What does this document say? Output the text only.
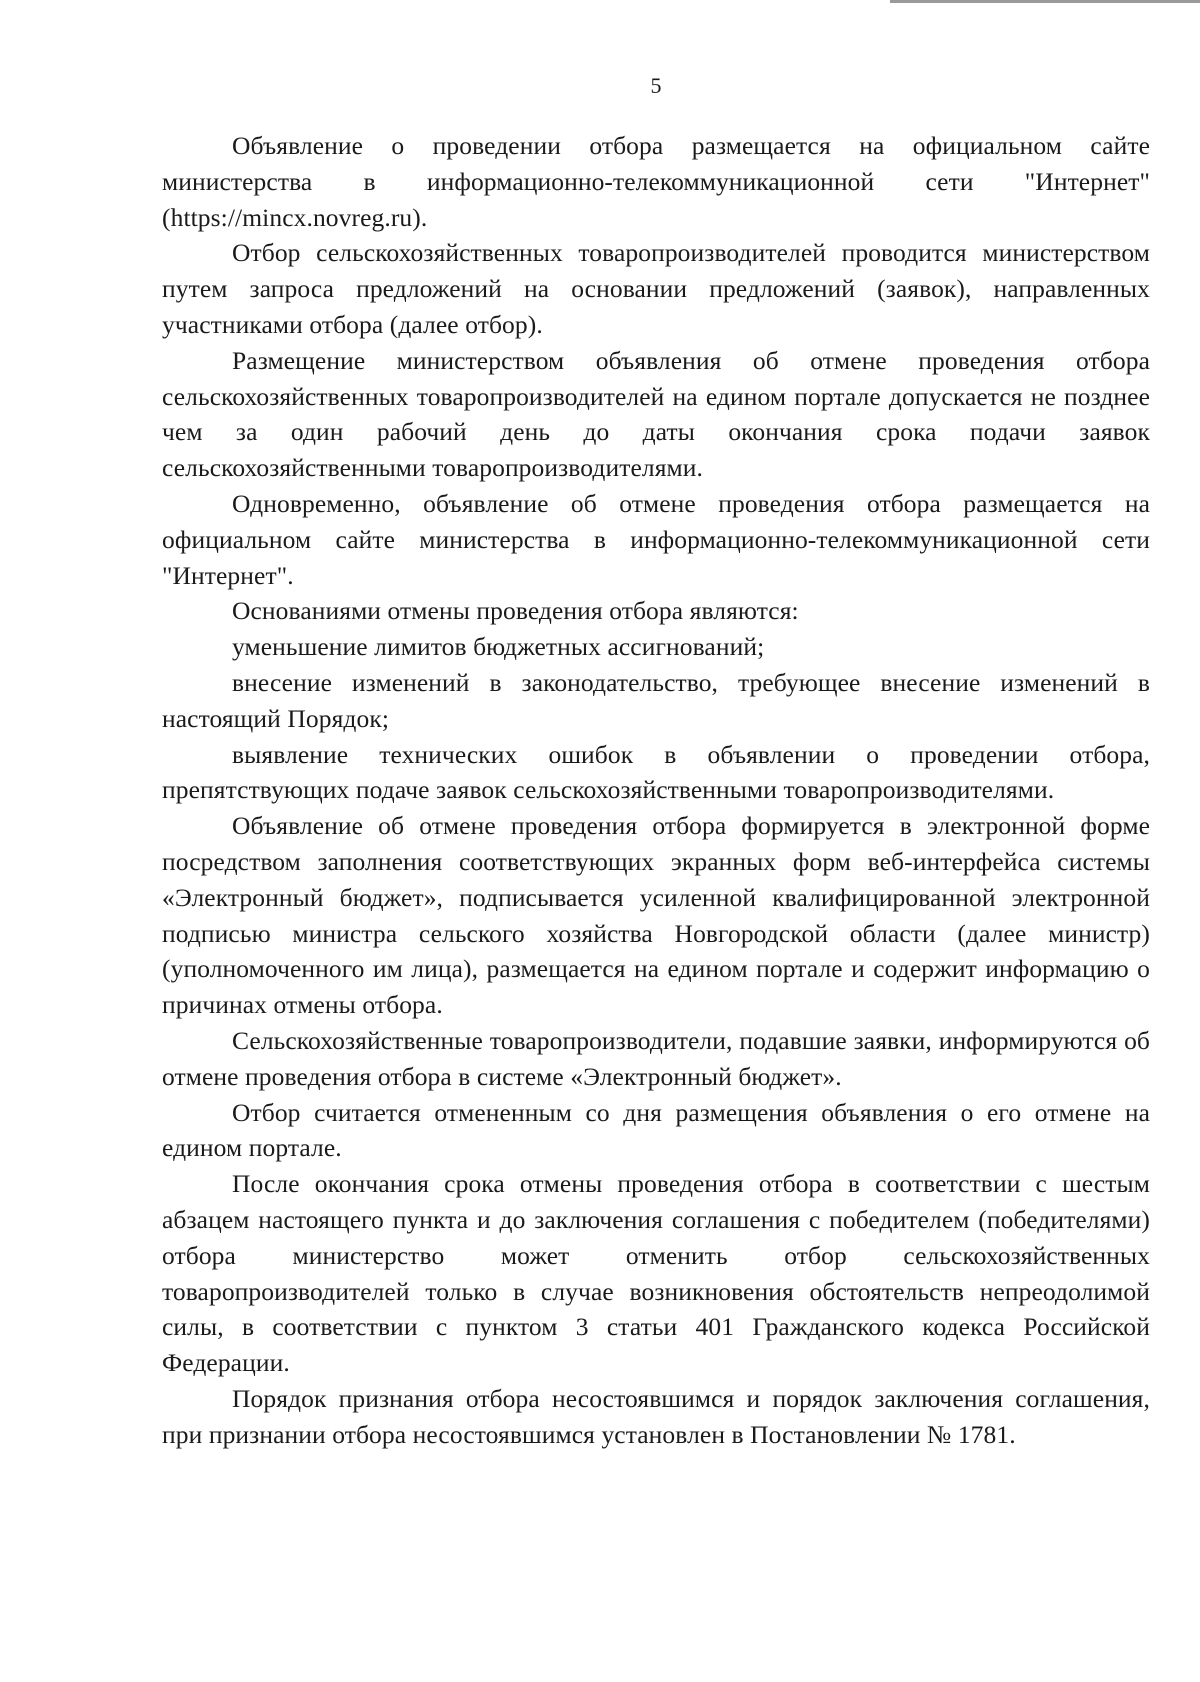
5

Объявление о проведении отбора размещается на официальном сайте министерства в информационно-телекоммуникационной сети "Интернет" (https://mincx.novreg.ru).

Отбор сельскохозяйственных товаропроизводителей проводится министерством путем запроса предложений на основании предложений (заявок), направленных участниками отбора (далее отбор).

Размещение министерством объявления об отмене проведения отбора сельскохозяйственных товаропроизводителей на едином портале допускается не позднее чем за один рабочий день до даты окончания срока подачи заявок сельскохозяйственными товаропроизводителями.

Одновременно, объявление об отмене проведения отбора размещается на официальном сайте министерства в информационно-телекоммуникационной сети "Интернет".

Основаниями отмены проведения отбора являются:

уменьшение лимитов бюджетных ассигнований;

внесение изменений в законодательство, требующее внесение изменений в настоящий Порядок;

выявление технических ошибок в объявлении о проведении отбора, препятствующих подаче заявок сельскохозяйственными товаропроизводителями.

Объявление об отмене проведения отбора формируется в электронной форме посредством заполнения соответствующих экранных форм веб-интерфейса системы «Электронный бюджет», подписывается усиленной квалифицированной электронной подписью министра сельского хозяйства Новгородской области (далее министр) (уполномоченного им лица), размещается на едином портале и содержит информацию о причинах отмены отбора.

Сельскохозяйственные товаропроизводители, подавшие заявки, информируются об отмене проведения отбора в системе «Электронный бюджет».

Отбор считается отмененным со дня размещения объявления о его отмене на едином портале.

После окончания срока отмены проведения отбора в соответствии с шестым абзацем настоящего пункта и до заключения соглашения с победителем (победителями) отбора министерство может отменить отбор сельскохозяйственных товаропроизводителей только в случае возникновения обстоятельств непреодолимой силы, в соответствии с пунктом 3 статьи 401 Гражданского кодекса Российской Федерации.

Порядок признания отбора несостоявшимся и порядок заключения соглашения, при признании отбора несостоявшимся установлен в Постановлении № 1781.
